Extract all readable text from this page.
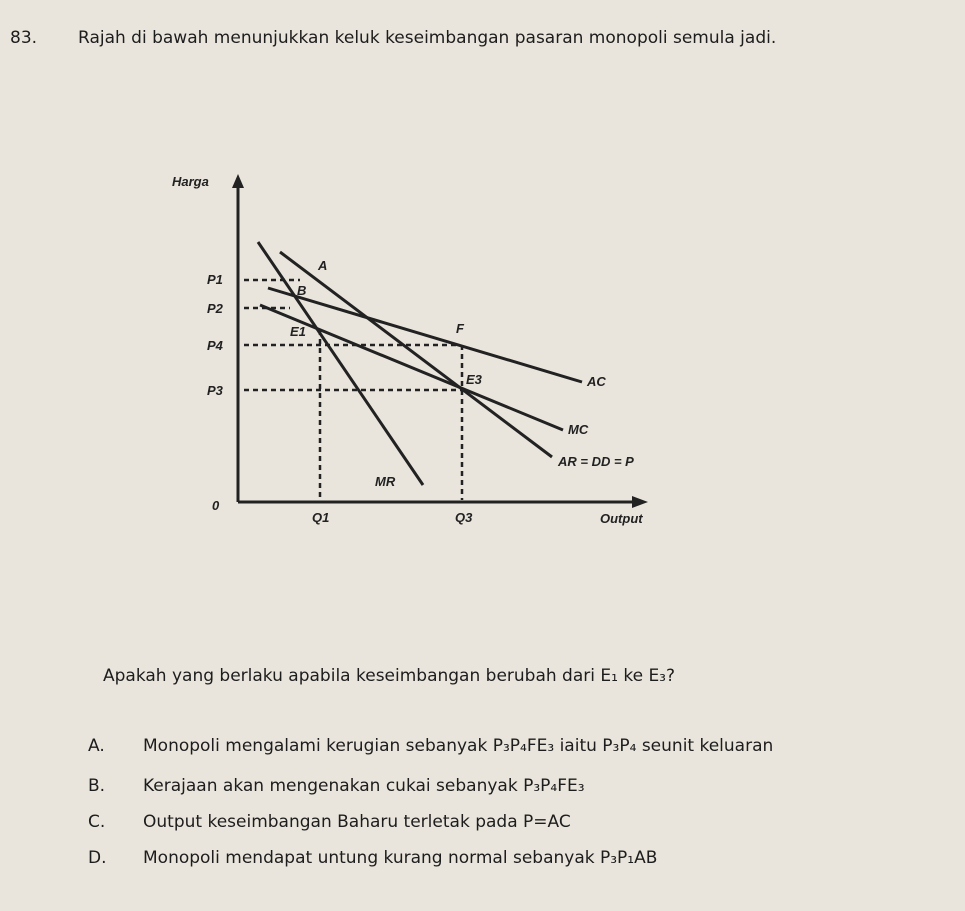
83. Rajah di bawah menunjukkan keluk keseimbangan pasaran monopoli semula jadi.
Harga
Output
0
P1
P2
P4
P3
Q1	Q3
A
B
E1	F
E3	AC
MC
AR = DD = P
MR
Apakah yang berlaku apabila keseimbangan berubah dari E₁ ke E₃?
A. Monopoli mengalami kerugian sebanyak P₃P₄FE₃ iaitu P₃P₄ seunit keluaran
B. Kerajaan akan mengenakan cukai sebanyak P₃P₄FE₃
C. Output keseimbangan Baharu terletak pada P=AC
D. Monopoli mendapat untung kurang normal sebanyak P₃P₁AB
